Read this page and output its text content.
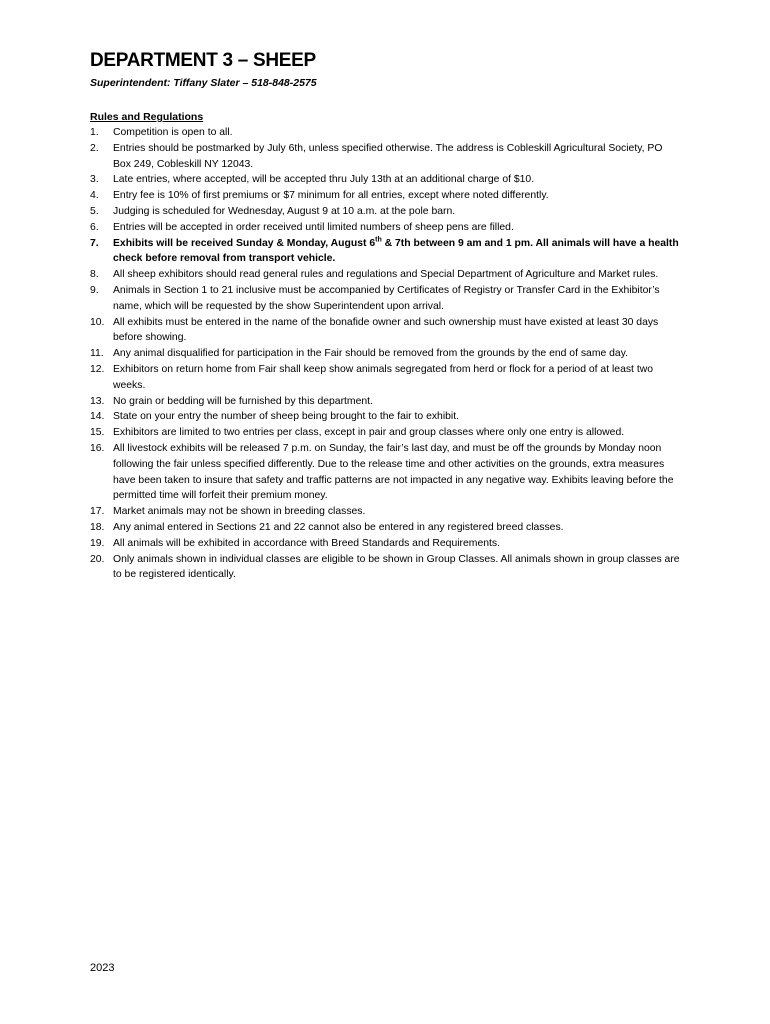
DEPARTMENT 3 – SHEEP

Superintendent: Tiffany Slater – 518-848-2575

Rules and Regulations

1. Competition is open to all.
2. Entries should be postmarked by July 6th, unless specified otherwise. The address is Cobleskill Agricultural Society, PO Box 249, Cobleskill NY 12043.
3. Late entries, where accepted, will be accepted thru July 13th at an additional charge of $10.
4. Entry fee is 10% of first premiums or $7 minimum for all entries, except where noted differently.
5. Judging is scheduled for Wednesday, August 9 at 10 a.m. at the pole barn.
6. Entries will be accepted in order received until limited numbers of sheep pens are filled.
7. Exhibits will be received Sunday & Monday, August 6th & 7th between 9 am and 1 pm. All animals will have a health check before removal from transport vehicle.
8. All sheep exhibitors should read general rules and regulations and Special Department of Agriculture and Market rules.
9. Animals in Section 1 to 21 inclusive must be accompanied by Certificates of Registry or Transfer Card in the Exhibitor’s name, which will be requested by the show Superintendent upon arrival.
10. All exhibits must be entered in the name of the bonafide owner and such ownership must have existed at least 30 days before showing.
11. Any animal disqualified for participation in the Fair should be removed from the grounds by the end of same day.
12. Exhibitors on return home from Fair shall keep show animals segregated from herd or flock for a period of at least two weeks.
13. No grain or bedding will be furnished by this department.
14. State on your entry the number of sheep being brought to the fair to exhibit.
15. Exhibitors are limited to two entries per class, except in pair and group classes where only one entry is allowed.
16. All livestock exhibits will be released 7 p.m. on Sunday, the fair’s last day, and must be off the grounds by Monday noon following the fair unless specified differently. Due to the release time and other activities on the grounds, extra measures have been taken to insure that safety and traffic patterns are not impacted in any negative way. Exhibits leaving before the permitted time will forfeit their premium money.
17. Market animals may not be shown in breeding classes.
18. Any animal entered in Sections 21 and 22 cannot also be entered in any registered breed classes.
19. All animals will be exhibited in accordance with Breed Standards and Requirements.
20. Only animals shown in individual classes are eligible to be shown in Group Classes. All animals shown in group classes are to be registered identically.

2023
